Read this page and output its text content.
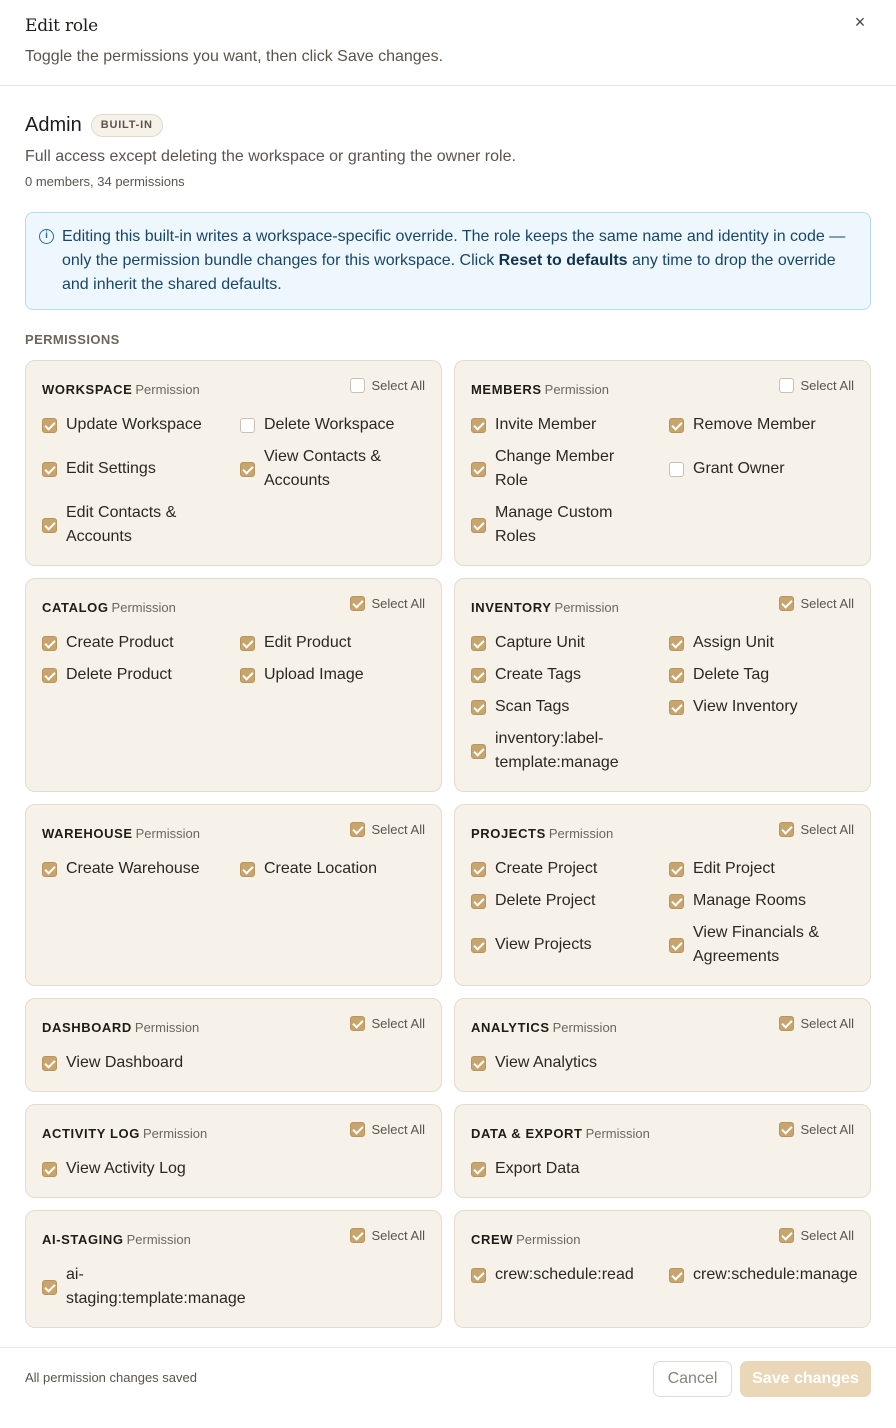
Edit role
Toggle the permissions you want, then click Save changes.
×
Admin	BUILT-IN
Full access except deleting the workspace or granting the owner role.
0 members, 34 permissions
i Editing this built-in writes a workspace-specific override. The role keeps the same name and identity in code — only the permission bundle changes for this workspace. Click Reset to defaults any time to drop the override and inherit the shared defaults.
PERMISSIONS
WORKSPACE Permission	Select All
Update Workspace	Delete Workspace
Edit Settings
View Contacts & Accounts
Edit Contacts & Accounts
MEMBERS Permission	Select All
Invite Member	Remove Member
Change Member Role
Grant Owner
Manage Custom Roles
CATALOG Permission	Select All
Create Product	Edit Product
Delete Product	Upload Image
INVENTORY Permission	Select All
Capture Unit	Assign Unit
Create Tags	Delete Tag
Scan Tags	View Inventory
inventory:label-template:manage
WAREHOUSE Permission	Select All
Create Warehouse	Create Location
PROJECTS Permission	Select All
Create Project	Edit Project
Delete Project	Manage Rooms
View Projects
View Financials & Agreements
DASHBOARD Permission	Select All
View Dashboard
ANALYTICS Permission	Select All
View Analytics
ACTIVITY LOG Permission	Select All
View Activity Log
DATA & EXPORT Permission	Select All
Export Data
AI-STAGING Permission	Select All
ai-staging:template:manage
CREW Permission	Select All
crew:schedule:read	crew:schedule:manage
All permission changes saved	Cancel	Save changes
